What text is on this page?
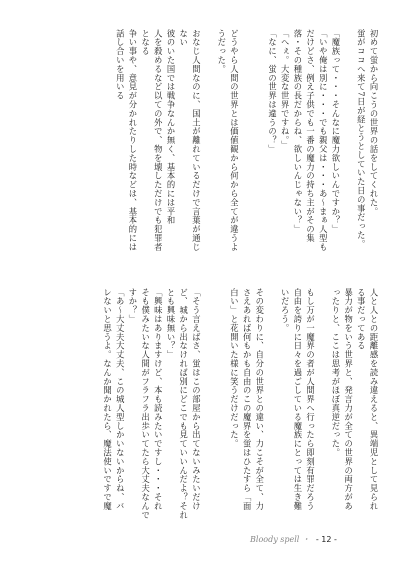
初めて蛍から向こうの世界の話をしてくれた。
蛍がココへ来て7日が経とうとしていた日の事だった。
「魔族って・・・そんなに魔力欲しいんですか？」
「いや俺は別に・・・でも親父は・・・あ〜まぁ人型も
だけどさ、例え子供でも一番の魔力の持ち主がその集
落・その種族の長だからね、欲しいんじゃない？」
「へぇ。大変な世界ですね。」
「なに、蛍の世界は違うの？」
どうやら人間の世界とは価値観から何から全てが違うよ
うだった。
おなじ人間なのに、国土が離れているだけで言葉が通じ
ない
彼のいた国では戦争なんか無く、基本的には平和
人を殺めるなど以ての外で、物を壊しただけでも犯罪者
となる
争い事や、意見が分かれたりした時などは、基本的には
話し合いを用いる
人と人との距離感を読み違えると、異端児として見られ
る事だってある
暴力が物をいう世界と、発言力が全ての世界の両方があ
ったりと、ここは思考がほぼ真逆だった。
もし万が一魔界の者が人間界へ行ったら即刻有罪だろう
自由を誇りに日々を過ごしている魔族にとっては生き難
いだろう。
その変わりに、自分の世界との違い、力こそが全て、力
さえあれば何もかも自由のこの魔界を蛍はひたすら「面
白い」と花開いた様に笑うだけだった。
「そう言えばさ、蛍はこの部屋から出てないみたいだけ
ど、城から出なければ別にどこでも見ていいんだよ？それ
とも興味無い？」
「興味はありますけど、本も読みたいですし・・・それ
そも僕みたいな人間がフラフラ出歩いてたら大丈夫なんで
すか？」
「あ〜大丈夫大丈夫、この城人型しかいないからね、バ
レないと思うよ。なんか聞かれたら、魔法使いですで魔
Bloody spell ・ - 12 -
